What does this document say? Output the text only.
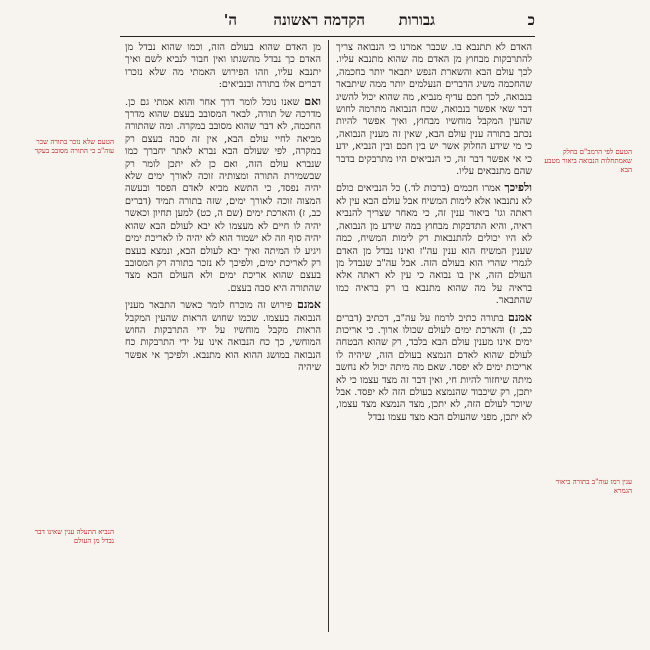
כ
גבורות
הקדמה ראשונה
ה'

האדם לא תתנבא בו. שכבר אמרנו כי הנבואה צריך להתרבקות מבחוץ מן האדם מה שהוא מתנבא עליו. לכך עולם הבא והשארת הנפש יתבאר יותר בחכמה, שהחכמה משיג הדברים הנעלמים יותר ממה שיתבאר בנבואה, לכך חכם עדיף מנביא, מה שהוא יכול להשיג דבר שאי אפשר בנבואה, שכח הנבואה מתרמה לחוש שהעין המקבל מוחשיו מבחוץ, ואיך אפשר להיות נכתב בתורה ענין עולם הבא, שאין זה מענין הנבואה, כי מי שידע החלוק אשר יש בין חכם ובין הנביא, ידע כי אי אפשר דבר זה, כי הנביאים היו מתרבקים בדבר שהם מתנבאים עליו.

ולפיכך אמרו חכמים (ברכות לד.) כל הנביאים כולם לא נתנבאו אלא לימות המשיח אבל עולם הבא עין לא ראתה וגו' ביאור ענין זה, כי מאחר שצריך להנביא ראיה, והיא התדבקות מבחוץ במה שידע מן הנבואה, לא היו יכולים להתנבאות רק לימות המשיח, כמה שענין המשיח הוא ענין עה"ז ואינו נבדל מן האדם לגמרי שהרי הוא בעולם הזה. אבל עה"ב שנבדל מן העולם הזה, אין בו נבואה כי עין לא ראתה אלא בראיה על מה שהוא מתנבא בו רק בראיה כמו שהתבאר.

אמנם בתורה כתיב לרמוז על עה"ב, דכתיב (דברים כב, ז) והארכת ימים לעולם שכולו ארוך. כי אריכות ימים אינו מענין עולם הבא בלבד, רק שהוא הבטחה לעולם שהוא לאדם הנמצא בעולם הזה, שיהיה לו אריכות ימים לא יפסד. שאם מה מיתה יכול לא נחשב מיתה שיחזור להיות חי, ואין דבר זה מצד עצמו כי לא יתכן, רק שיכבוד שהנמצא בעולם הזה לא יפסד. אבל שיוכר לעולם הזה, לא יתכן, מצד הנמצא מצד עצמו, לא יתכן, מפני שהעולם הבא מצד עצמו נבדל

מן האדם שהוא בעולם הזה, וכמו שהוא נבדל מן האדם כך נבדל מהשגתו ואין חבור לנביא לשם ואיך יתנבא עליו, וזהו הפירוש האמתי מה שלא נזכרו דברים אלו בתורה ובנביאים:

ואם שאנו נוכל לומר דרך אחר והוא אמתי גם כן. מדרכה של תורה, לבאר המסובב בעצם שהוא מדרך החכמה, לא דבר שהוא מסובב במקרה. ומה שהתורה מביאה לחיי עולם הבא, אין זה סבה בעצם רק במקרה, לפי שעולם הבא נברא לאתר יחברך כמו שנברא עולם הזה, ואם כן לא יתכן לומר רק שבשמירת התורה ומצותיה זוכה לאורך ימים שלא יהיה נפסד, כי התשא מביא לאדם הפסד ובעשה המצוה זוכה לאורך ימים, שזה בתורה תמיד (דברים כב, ז) והארכת ימים (שם ה, כט) למען תחיון וכאשר יהיה לו חיים לא מעצמו לא יבא לעולם הבא שהוא יהיה סוף וזה לא ישמור הוא לא יהיה לו לאריכת ימים ויגיע לו המיתה ואיך יבא לעולם הבא, ונמצא בעצם רק לאריכת ימים, ולפיכך לא נזכר בתורה רק המסובב בעצם שהוא אריכת ימים ולא העולם הבא מצד שהתורה היא סבה בעצם.

אמנם פירוש זה מוכרח לומר כאשר התבאר מענין הנבואה בעצמו. שכמו שחוש הראות שהעין המקבל הראות מקבל מוחשיו על ידי התרבקות החוש המוחשי, כך כח הנבואה אינו על ידי התרבקות כח הנבואה במושג ההוא הוא מתנבא. ולפיכך אי אפשר שיהיה

הטעם לפי הרמב"ם בחלק שאמתחלות הנבואה ביאור מטבע הבא
ענין רמז עוה"ב בתורה ביאור הגמרא
הטעם שלא נזכר בתורה שכר עוה"ב כי התורה מסובב בעקר
הנביא התעלה ענין שאינו דבר נבדל מן העולם
